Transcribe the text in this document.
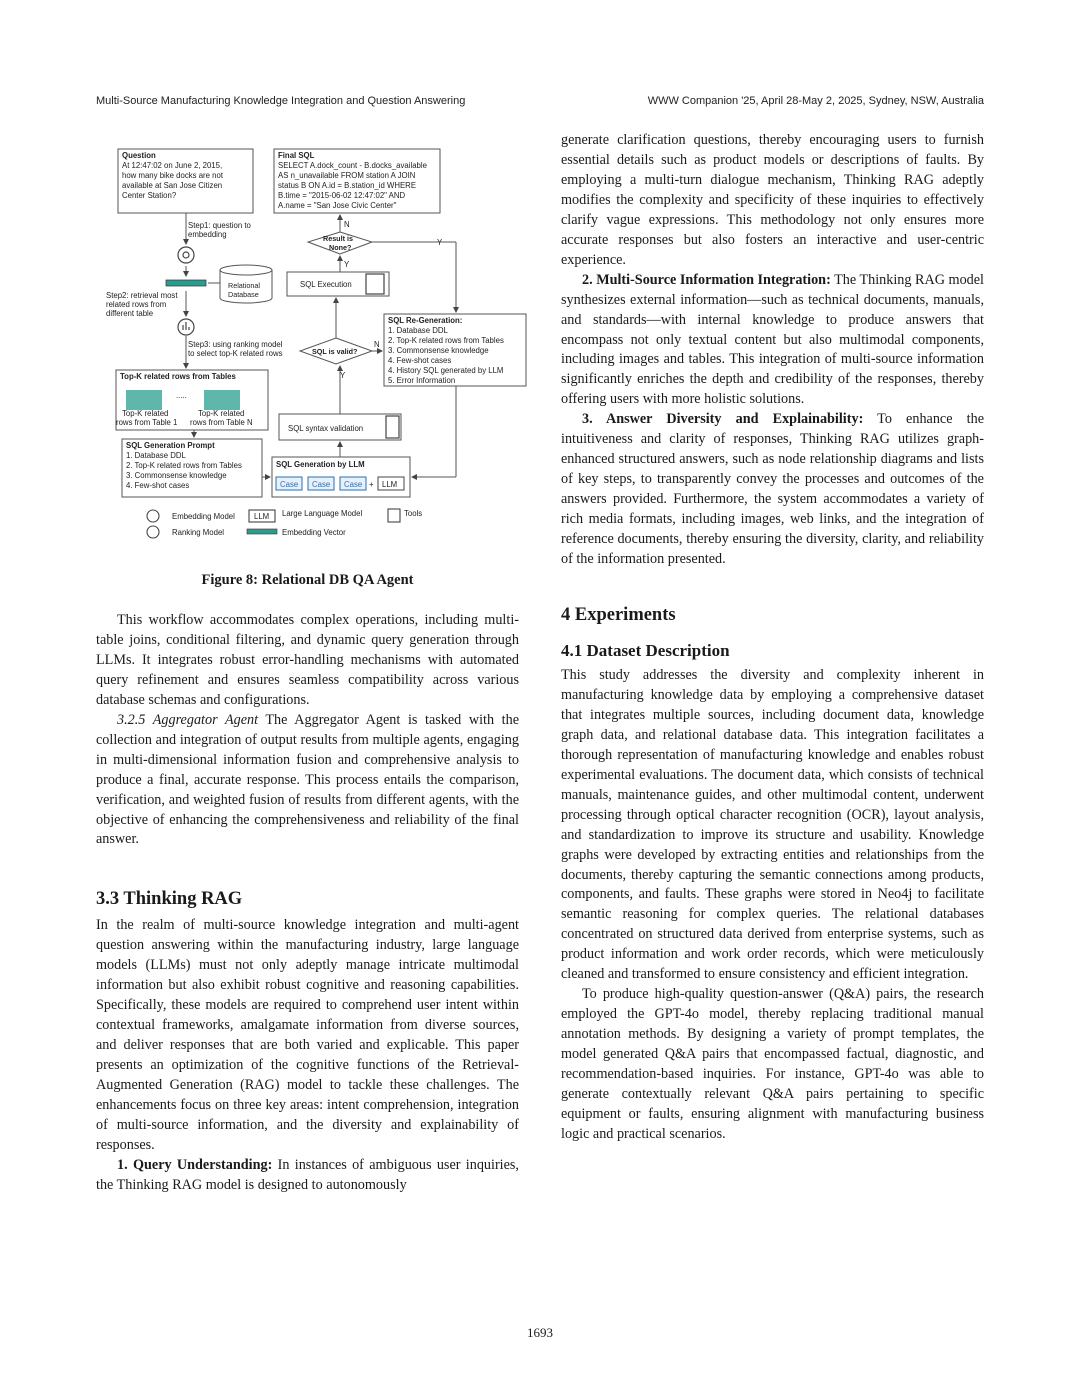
Multi-Source Manufacturing Knowledge Integration and Question Answering	WWW Companion '25, April 28-May 2, 2025, Sydney, NSW, Australia
Question
At 12:47:02 on June 2, 2015,
how many bike docks are not
available at San Jose Citizen
Center Station?
Final SQL
SELECT A.dock_count - B.docks_available
AS n_unavailable FROM station A JOIN
status B ON A.id = B.station_id WHERE
B.time = "2015-06-02 12:47:02" AND
A.name = "San Jose Civic Center"
Step1: question to
embedding	Result is
None?
N
Y
Y
N
Y
Relational
Database
SQL Execution
Step2: retrieval most
related rows from
different table
SQL Re-Generation:
1. Database DDL
2. Top-K related rows from Tables
3. Commonsense knowledge
4. Few-shot cases
4. History SQL generated by LLM
5. Error Information
Step3: using ranking model
to select top-K related rows	SQL is valid?
Top-K related rows from Tables
.....
Top-K related
rows from Table 1
Top-K related
rows from Table N
SQL syntax validation
SQL Generation Prompt
1. Database DDL
2. Top-K related rows from Tables
3. Commonsense knowledge
4. Few-shot cases
SQL Generation by LLM
Case Case Case + LLM
Embedding Model LLM Large Language Model	Tools
Ranking Model	Embedding Vector
Figure 8: Relational DB QA Agent

This workflow accommodates complex operations, including multi-table joins, conditional filtering, and dynamic query generation through LLMs. It integrates robust error-handling mechanisms with automated query refinement and ensures seamless compatibility across various database schemas and configurations.

3.2.5 Aggregator Agent The Aggregator Agent is tasked with the collection and integration of output results from multiple agents, engaging in multi-dimensional information fusion and comprehensive analysis to produce a final, accurate response. This process entails the comparison, verification, and weighted fusion of results from different agents, with the objective of enhancing the comprehensiveness and reliability of the final answer.

3.3 Thinking RAG

In the realm of multi-source knowledge integration and multi-agent question answering within the manufacturing industry, large language models (LLMs) must not only adeptly manage intricate multimodal information but also exhibit robust cognitive and reasoning capabilities. Specifically, these models are required to comprehend user intent within contextual frameworks, amalgamate information from diverse sources, and deliver responses that are both varied and explicable. This paper presents an optimization of the cognitive functions of the Retrieval-Augmented Generation (RAG) model to tackle these challenges. The enhancements focus on three key areas: intent comprehension, integration of multi-source information, and the diversity and explainability of responses.

1. Query Understanding: In instances of ambiguous user inquiries, the Thinking RAG model is designed to autonomously

generate clarification questions, thereby encouraging users to furnish essential details such as product models or descriptions of faults. By employing a multi-turn dialogue mechanism, Thinking RAG adeptly modifies the complexity and specificity of these inquiries to effectively clarify vague expressions. This methodology not only ensures more accurate responses but also fosters an interactive and user-centric experience.

2. Multi-Source Information Integration: The Thinking RAG model synthesizes external information—such as technical documents, manuals, and standards—with internal knowledge to produce answers that encompass not only textual content but also multimodal components, including images and tables. This integration of multi-source information significantly enriches the depth and credibility of the responses, thereby offering users with more holistic solutions.

3. Answer Diversity and Explainability: To enhance the intuitiveness and clarity of responses, Thinking RAG utilizes graph-enhanced structured answers, such as node relationship diagrams and lists of key steps, to transparently convey the processes and outcomes of the answers provided. Furthermore, the system accommodates a variety of rich media formats, including images, web links, and the integration of reference documents, thereby ensuring the diversity, clarity, and reliability of the information presented.

4 Experiments
4.1 Dataset Description

This study addresses the diversity and complexity inherent in manufacturing knowledge data by employing a comprehensive dataset that integrates multiple sources, including document data, knowledge graph data, and relational database data. This integration facilitates a thorough representation of manufacturing knowledge and enables robust experimental evaluations. The document data, which consists of technical manuals, maintenance guides, and other multimodal content, underwent processing through optical character recognition (OCR), layout analysis, and standardization to improve its structure and usability. Knowledge graphs were developed by extracting entities and relationships from the documents, thereby capturing the semantic connections among products, components, and faults. These graphs were stored in Neo4j to facilitate semantic reasoning for complex queries. The relational databases concentrated on structured data derived from enterprise systems, such as product information and work order records, which were meticulously cleaned and transformed to ensure consistency and efficient integration.

To produce high-quality question-answer (Q&A) pairs, the research employed the GPT-4o model, thereby replacing traditional manual annotation methods. By designing a variety of prompt templates, the model generated Q&A pairs that encompassed factual, diagnostic, and recommendation-based inquiries. For instance, GPT-4o was able to generate contextually relevant Q&A pairs pertaining to specific equipment or faults, ensuring alignment with manufacturing business logic and practical scenarios.

1693
